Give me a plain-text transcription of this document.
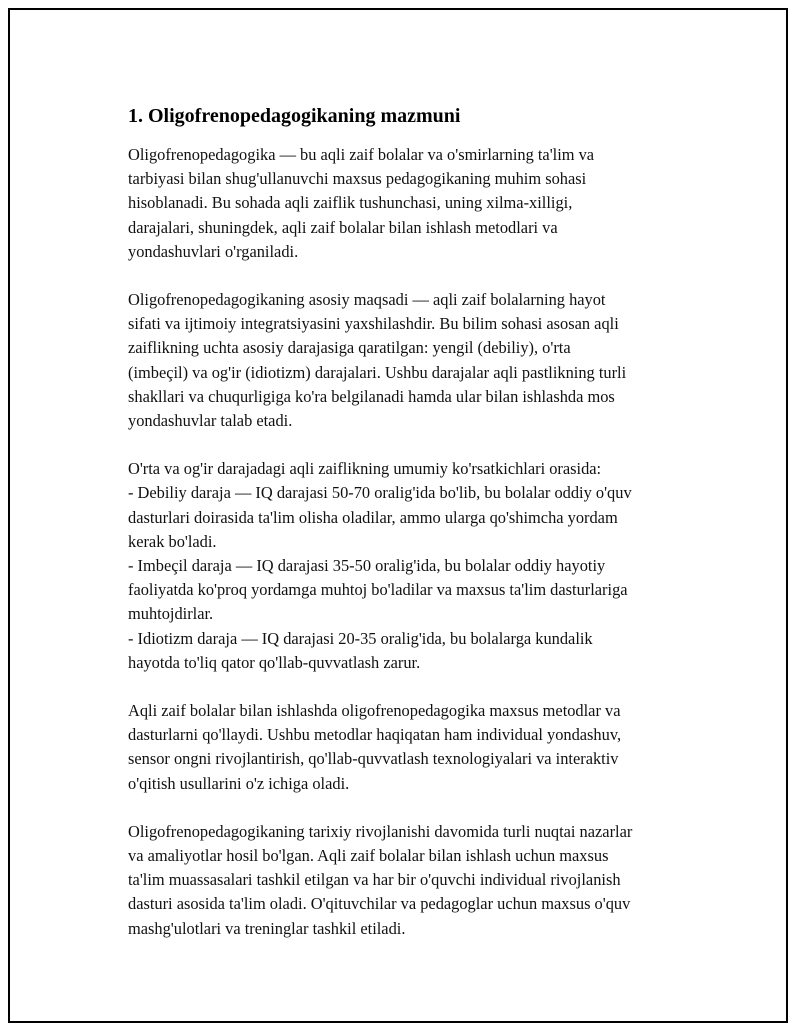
1. Oligofrenopedagogikaning mazmuni
Oligofrenopedagogika — bu aqli zaif bolalar va o'smirlarning ta'lim va
tarbiyasi bilan shug'ullanuvchi maxsus pedagogikaning muhim sohasi
hisoblanadi. Bu sohada aqli zaiflik tushunchasi, uning xilma-xilligi,
darajalari, shuningdek, aqli zaif bolalar bilan ishlash metodlari va
yondashuvlari o'rganiladi.
Oligofrenopedagogikaning asosiy maqsadi — aqli zaif bolalarning hayot
sifati va ijtimoiy integratsiyasini yaxshilashdir. Bu bilim sohasi asosan aqli
zaiflikning uchta asosiy darajasiga qaratilgan: yengil (debiliy), o'rta
(imbeçil) va og'ir (idiotizm) darajalari. Ushbu darajalar aqli pastlikning turli
shakllari va chuqurligiga ko'ra belgilanadi hamda ular bilan ishlashda mos
yondashuvlar talab etadi.
O'rta va og'ir darajadagi aqli zaiflikning umumiy ko'rsatkichlari orasida:
- Debiliy daraja — IQ darajasi 50-70 oralig'ida bo'lib, bu bolalar oddiy o'quv
dasturlari doirasida ta'lim olisha oladilar, ammo ularga qo'shimcha yordam
kerak bo'ladi.
- Imbeçil daraja — IQ darajasi 35-50 oralig'ida, bu bolalar oddiy hayotiy
faoliyatda ko'proq yordamga muhtoj bo'ladilar va maxsus ta'lim dasturlariga
muhtojdirlar.
- Idiotizm daraja — IQ darajasi 20-35 oralig'ida, bu bolalarga kundalik
hayotda to'liq qator qo'llab-quvvatlash zarur.
Aqli zaif bolalar bilan ishlashda oligofrenopedagogika maxsus metodlar va
dasturlarni qo'llaydi. Ushbu metodlar haqiqatan ham individual yondashuv,
sensor ongni rivojlantirish, qo'llab-quvvatlash texnologiyalari va interaktiv
o'qitish usullarini o'z ichiga oladi.
Oligofrenopedagogikaning tarixiy rivojlanishi davomida turli nuqtai nazarlar
va amaliyotlar hosil bo'lgan. Aqli zaif bolalar bilan ishlash uchun maxsus
ta'lim muassasalari tashkil etilgan va har bir o'quvchi individual rivojlanish
dasturi asosida ta'lim oladi. O'qituvchilar va pedagoglar uchun maxsus o'quv
mashg'ulotlari va treninglar tashkil etiladi.
